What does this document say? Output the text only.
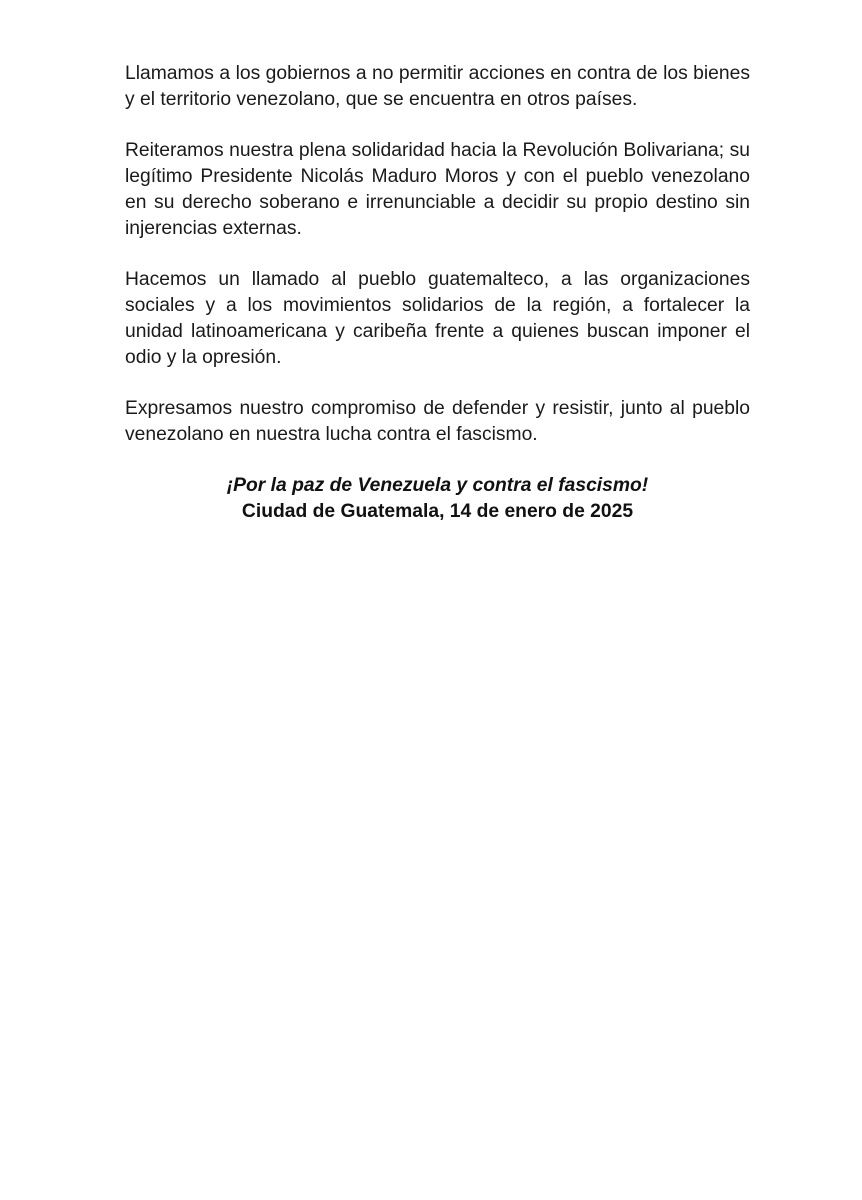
Llamamos a los gobiernos a no permitir acciones en contra de los bienes y el territorio venezolano, que se encuentra en otros países.

Reiteramos nuestra plena solidaridad hacia la Revolución Bolivariana; su legítimo Presidente Nicolás Maduro Moros y con el pueblo venezolano en su derecho soberano e irrenunciable a decidir su propio destino sin injerencias externas.

Hacemos un llamado al pueblo guatemalteco, a las organizaciones sociales y a los movimientos solidarios de la región, a fortalecer la unidad latinoamericana y caribeña frente a quienes buscan imponer el odio y la opresión.

Expresamos nuestro compromiso de defender y resistir, junto al pueblo venezolano en nuestra lucha contra el fascismo.

¡Por la paz de Venezuela y contra el fascismo!
Ciudad de Guatemala, 14 de enero de 2025
